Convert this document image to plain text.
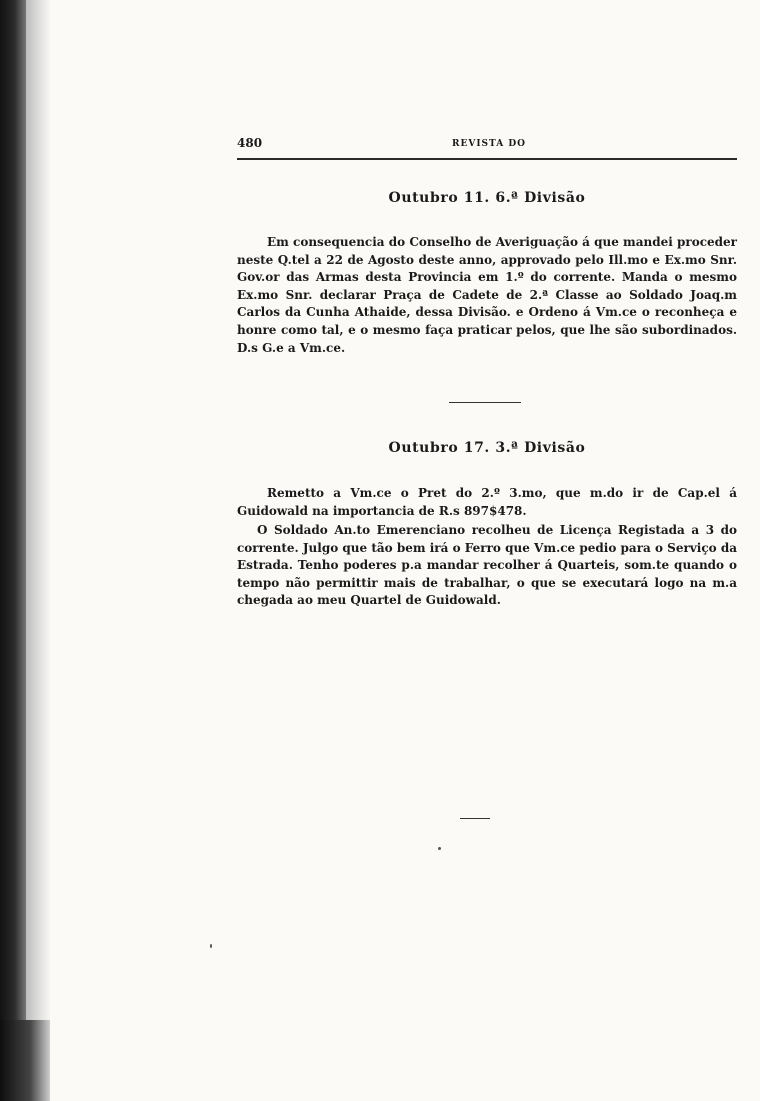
480	REVISTA DO
Outubro 11. 6.ª Divisão

Em consequencia do Conselho de Averiguação á que mandei proceder neste Q.tel a 22 de Agosto deste anno, approvado pelo Ill.mo e Ex.mo Snr. Gov.or das Armas desta Provincia em 1.º do corrente. Manda o mesmo Ex.mo Snr. declarar Praça de Cadete de 2.ª Classe ao Soldado Joaq.m Carlos da Cunha Athaide, dessa Divisão. e Ordeno á Vm.ce o reconheça e honre como tal, e o mesmo faça praticar pelos, que lhe são subordinados. D.s G.e a Vm.ce.

Outubro 17. 3.ª Divisão

Remetto a Vm.ce o Pret do 2.º 3.mo, que m.do ir de Cap.el á Guidowald na importancia de R.s 897$478.

O Soldado An.to Emerenciano recolheu de Licença Registada a 3 do corrente. Julgo que tão bem irá o Ferro que Vm.ce pedio para o Serviço da Estrada. Tenho poderes p.a mandar recolher á Quarteis, som.te quando o tempo não permittir mais de trabalhar, o que se executará logo na m.a chegada ao meu Quartel de Guidowald.
